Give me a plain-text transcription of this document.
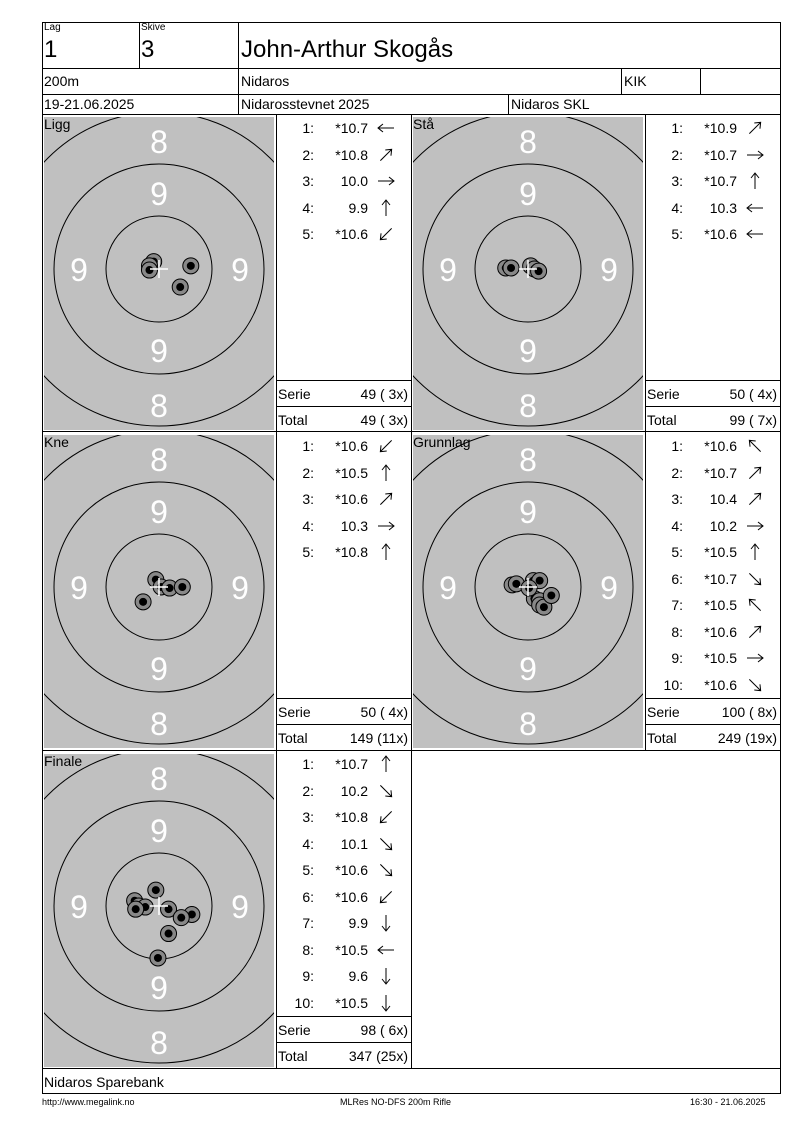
Lag
1
Skive
3	John-Arthur Skogås
200m	Nidaros	KIK
19-21.06.2025	Nidarosstevnet 2025	Nidaros SKL
Ligg 8
9
9	9
9
8
1:	*10.7
2:	*10.8
3:	10.0
4:	9.9
5:	*10.6
Serie	49 ( 3x)
Total	49 ( 3x)
Stå	8
9
9	9
9
8
1:	*10.9
2:	*10.7
3:	*10.7
4:	10.3
5:	*10.6
Serie	50 ( 4x)
Total	99 ( 7x)
Kne	8
9
9	9
9
8
1:	*10.6
2:	*10.5
3:	*10.6
4:	10.3
5:	*10.8
Serie	50 ( 4x)
Total	149 (11x)
Grunnlag 8
9
9	9
9
8
1:	*10.6
2:	*10.7
3:	10.4
4:	10.2
5:	*10.5
6:	*10.7
7:	*10.5
8:	*10.6
9:	*10.5
10:	*10.6
Serie	100 ( 8x)
Total	249 (19x)
Finale 8
9
9	9
9
8
1:	*10.7
2:	10.2
3:	*10.8
4:	10.1
5:	*10.6
6:	*10.6
7:	9.9
8:	*10.5
9:	9.6
10:	*10.5
Serie	98 ( 6x)
Total	347 (25x)
Nidaros Sparebank
http://www.megalink.no	MLRes NO-DFS 200m Rifle	16:30 - 21.06.2025
